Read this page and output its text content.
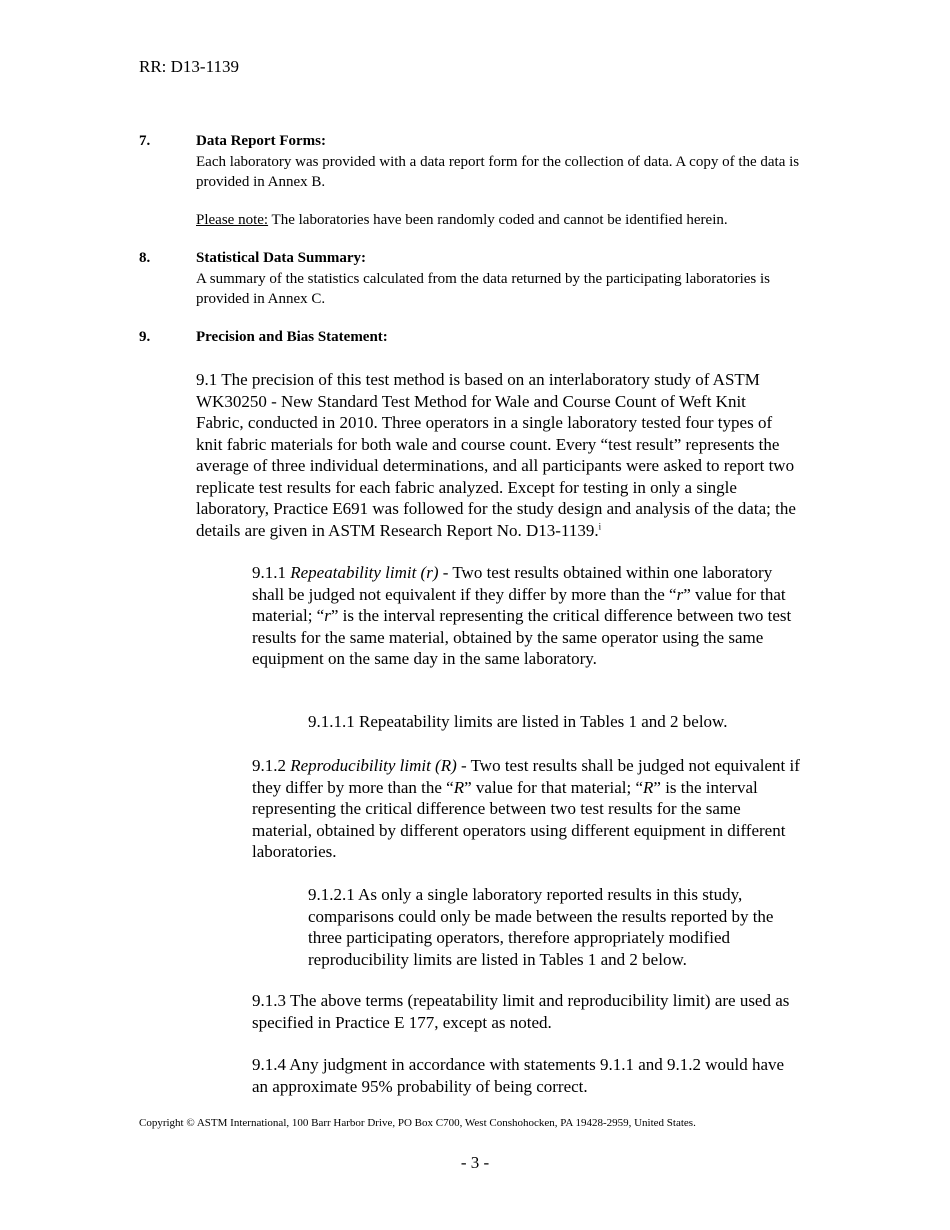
RR: D13-1139
7.	Data Report Forms:
Each laboratory was provided with a data report form for the collection of data. A copy of the data is provided in Annex B.
Please note: The laboratories have been randomly coded and cannot be identified herein.
8.	Statistical Data Summary:
A summary of the statistics calculated from the data returned by the participating laboratories is provided in Annex C.
9.	Precision and Bias Statement:
9.1 The precision of this test method is based on an interlaboratory study of ASTM WK30250 - New Standard Test Method for Wale and Course Count of Weft Knit Fabric, conducted in 2010. Three operators in a single laboratory tested four types of knit fabric materials for both wale and course count. Every “test result” represents the average of three individual determinations, and all participants were asked to report two replicate test results for each fabric analyzed. Except for testing in only a single laboratory, Practice E691 was followed for the study design and analysis of the data; the details are given in ASTM Research Report No. D13-1139.$^i$
9.1.1 Repeatability limit (r) - Two test results obtained within one laboratory shall be judged not equivalent if they differ by more than the “r” value for that material; “r” is the interval representing the critical difference between two test results for the same material, obtained by the same operator using the same equipment on the same day in the same laboratory.
9.1.1.1 Repeatability limits are listed in Tables 1 and 2 below.
9.1.2 Reproducibility limit (R) - Two test results shall be judged not equivalent if they differ by more than the “R” value for that material; “R” is the interval representing the critical difference between two test results for the same material, obtained by different operators using different equipment in different laboratories.
9.1.2.1 As only a single laboratory reported results in this study, comparisons could only be made between the results reported by the three participating operators, therefore appropriately modified reproducibility limits are listed in Tables 1 and 2 below.
9.1.3 The above terms (repeatability limit and reproducibility limit) are used as specified in Practice E 177, except as noted.
9.1.4 Any judgment in accordance with statements 9.1.1 and 9.1.2 would have an approximate 95% probability of being correct.
Copyright © ASTM International, 100 Barr Harbor Drive, PO Box C700, West Conshohocken, PA 19428-2959, United States.
- 3 -
